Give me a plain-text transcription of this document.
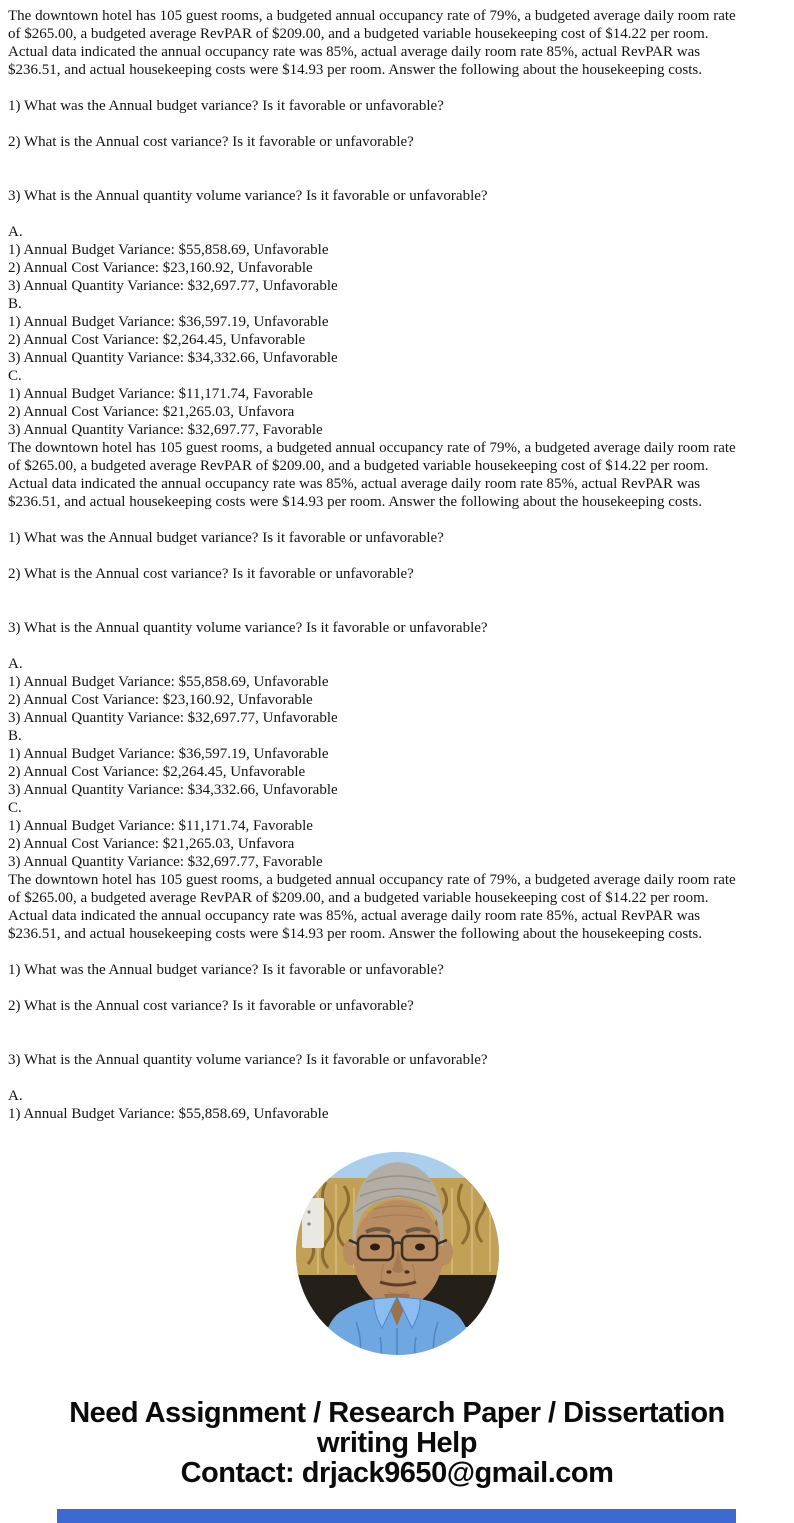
The downtown hotel has 105 guest rooms, a budgeted annual occupancy rate of 79%, a budgeted average daily room rate
of $265.00, a budgeted average RevPAR of $209.00, and a budgeted variable housekeeping cost of $14.22 per room.
Actual data indicated the annual occupancy rate was 85%, actual average daily room rate 85%, actual RevPAR was
$236.51, and actual housekeeping costs were $14.93 per room. Answer the following about the housekeeping costs.

1) What was the Annual budget variance? Is it favorable or unfavorable?

2) What is the Annual cost variance? Is it favorable or unfavorable?

3) What is the Annual quantity volume variance? Is it favorable or unfavorable?

A.
1) Annual Budget Variance: $55,858.69, Unfavorable
2) Annual Cost Variance: $23,160.92, Unfavorable
3) Annual Quantity Variance: $32,697.77, Unfavorable
B.
1) Annual Budget Variance: $36,597.19, Unfavorable
2) Annual Cost Variance: $2,264.45, Unfavorable
3) Annual Quantity Variance: $34,332.66, Unfavorable
C.
1) Annual Budget Variance: $11,171.74, Favorable
2) Annual Cost Variance: $21,265.03, Unfavora
3) Annual Quantity Variance: $32,697.77, Favorable
The downtown hotel has 105 guest rooms, a budgeted annual occupancy rate of 79%, a budgeted average daily room rate
of $265.00, a budgeted average RevPAR of $209.00, and a budgeted variable housekeeping cost of $14.22 per room.
Actual data indicated the annual occupancy rate was 85%, actual average daily room rate 85%, actual RevPAR was
$236.51, and actual housekeeping costs were $14.93 per room. Answer the following about the housekeeping costs.

1) What was the Annual budget variance? Is it favorable or unfavorable?

2) What is the Annual cost variance? Is it favorable or unfavorable?

3) What is the Annual quantity volume variance? Is it favorable or unfavorable?

A.
1) Annual Budget Variance: $55,858.69, Unfavorable
2) Annual Cost Variance: $23,160.92, Unfavorable
3) Annual Quantity Variance: $32,697.77, Unfavorable
B.
1) Annual Budget Variance: $36,597.19, Unfavorable
2) Annual Cost Variance: $2,264.45, Unfavorable
3) Annual Quantity Variance: $34,332.66, Unfavorable
C.
1) Annual Budget Variance: $11,171.74, Favorable
2) Annual Cost Variance: $21,265.03, Unfavora
3) Annual Quantity Variance: $32,697.77, Favorable
The downtown hotel has 105 guest rooms, a budgeted annual occupancy rate of 79%, a budgeted average daily room rate
of $265.00, a budgeted average RevPAR of $209.00, and a budgeted variable housekeeping cost of $14.22 per room.
Actual data indicated the annual occupancy rate was 85%, actual average daily room rate 85%, actual RevPAR was
$236.51, and actual housekeeping costs were $14.93 per room. Answer the following about the housekeeping costs.

1) What was the Annual budget variance? Is it favorable or unfavorable?

2) What is the Annual cost variance? Is it favorable or unfavorable?

3) What is the Annual quantity volume variance? Is it favorable or unfavorable?

A.
1) Annual Budget Variance: $55,858.69, Unfavorable
Need Assignment / Research Paper / Dissertation
writing Help
Contact: drjack9650@gmail.com
